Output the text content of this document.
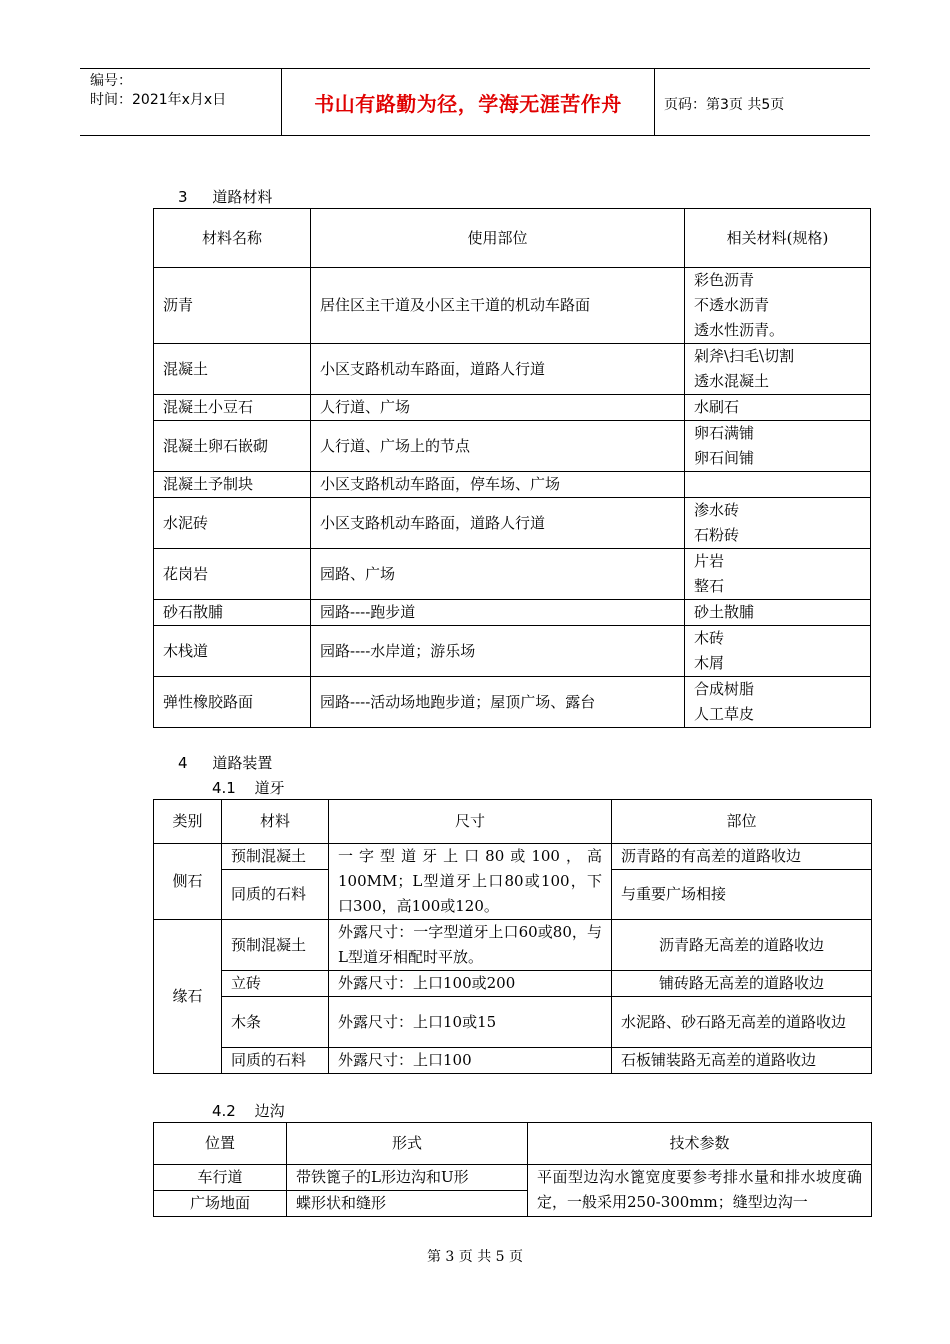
编号：
时间：2021年x月x日	书山有路勤为径，学海无涯苦作舟	页码：第3页 共5页
3 道路材料
材料名称	使用部位	相关材料(规格)
沥青	居住区主干道及小区主干道的机动车路面	彩色沥青
不透水沥青
透水性沥青。

混凝土	小区支路机动车路面，道路人行道	剁斧\扫毛\切割
透水混凝土

混凝土小豆石	人行道、广场	水刷石

混凝土卵石嵌砌	人行道、广场上的节点	卵石满铺
卵石间铺

混凝土予制块	小区支路机动车路面，停车场、广场	
水泥砖	小区支路机动车路面，道路人行道	渗水砖
石粉砖

花岗岩	园路、广场	片岩
整石

砂石散脯	园路----跑步道	砂土散脯

木栈道	园路----水岸道；游乐场	木砖
木屑

弹性橡胶路面	园路----活动场地跑步道；屋顶广场、露台	合成树脂
人工草皮
4 道路装置
4.1 道牙
类别	材料	尺寸	部位
侧石	预制混凝土	一字型道牙上口80或100，高100MM；L型道牙上口80或100，下口300，高100或120。	沥青路的有高差的道路收边
	同质的石料		与重要广场相接
缘石	预制混凝土	外露尺寸：一字型道牙上口60或80，与L型道牙相配时平放。	沥青路无高差的道路收边
	立砖	外露尺寸：上口100或200	铺砖路无高差的道路收边
	木条	外露尺寸：上口10或15	水泥路、砂石路无高差的道路收边
	同质的石料	外露尺寸：上口100	石板铺装路无高差的道路收边
4.2 边沟
位置	形式	技术参数
车行道	带铁篦子的L形边沟和U形	平面型边沟水篦宽度要参考排水量和排水坡度确定，一般采用250-300mm；缝型边沟一
广场地面	蝶形状和缝形	
第 3 页 共 5 页
